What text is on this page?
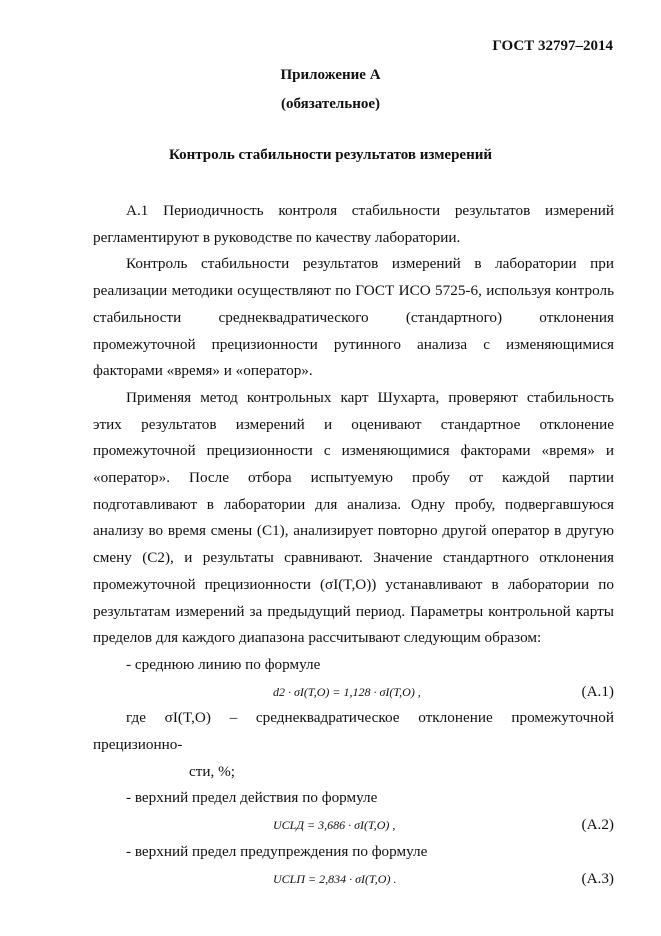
ГОСТ 32797–2014
Приложение А
(обязательное)
Контроль стабильности результатов измерений

А.1 Периодичность контроля стабильности результатов измерений регламентируют в руководстве по качеству лаборатории.

Контроль стабильности результатов измерений в лаборатории при реализации методики осуществляют по ГОСТ ИСО 5725-6, используя контроль стабильности среднеквадратического (стандартного) отклонения промежуточной прецизионности рутинного анализа с изменяющимися факторами «время» и «оператор».

Применяя метод контрольных карт Шухарта, проверяют стабильность этих результатов измерений и оценивают стандартное отклонение промежуточной прецизионности с изменяющимися факторами «время» и «оператор». После отбора испытуемую пробу от каждой партии подготавливают в лаборатории для анализа. Одну пробу, подвергавшуюся анализу во время смены (C1), анализирует повторно другой оператор в другую смену (C2), и результаты сравнивают. Значение стандартного отклонения промежуточной прецизионности (σI(T,O)) устанавливают в лаборатории по результатам измерений за предыдущий период. Параметры контрольной карты пределов для каждого диапазона рассчитывают следующим образом:

- среднюю линию по формуле

d2 · σI(T,O) = 1,128 · σI(T,O) ,	(А.1)

где σI(T,O) – среднеквадратическое отклонение промежуточной прецизионно-

сти, %;

- верхний предел действия по формуле

UCLД = 3,686 · σI(T,O) ,	(А.2)

- верхний предел предупреждения по формуле

UCLП = 2,834 · σI(T,O) .	(А.3)
